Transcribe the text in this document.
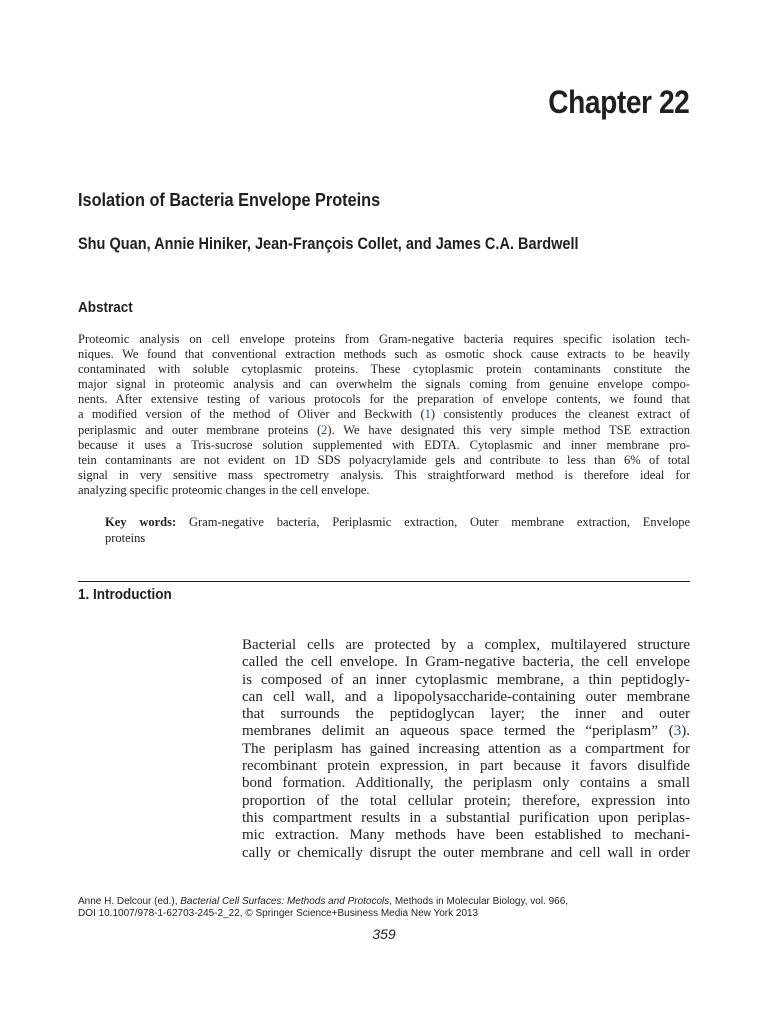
Chapter 22
Isolation of Bacteria Envelope Proteins
Shu Quan, Annie Hiniker, Jean-François Collet, and James C.A. Bardwell
Abstract
Proteomic analysis on cell envelope proteins from Gram-negative bacteria requires specific isolation tech-
niques. We found that conventional extraction methods such as osmotic shock cause extracts to be heavily
contaminated with soluble cytoplasmic proteins. These cytoplasmic protein contaminants constitute the
major signal in proteomic analysis and can overwhelm the signals coming from genuine envelope compo-
nents. After extensive testing of various protocols for the preparation of envelope contents, we found that
a modified version of the method of Oliver and Beckwith (1) consistently produces the cleanest extract of
periplasmic and outer membrane proteins (2). We have designated this very simple method TSE extraction
because it uses a Tris-sucrose solution supplemented with EDTA. Cytoplasmic and inner membrane pro-
tein contaminants are not evident on 1D SDS polyacrylamide gels and contribute to less than 6% of total
signal in very sensitive mass spectrometry analysis. This straightforward method is therefore ideal for
analyzing specific proteomic changes in the cell envelope.
Key words: Gram-negative bacteria, Periplasmic extraction, Outer membrane extraction, Envelope
proteins
1. Introduction
Bacterial cells are protected by a complex, multilayered structure
called the cell envelope. In Gram-negative bacteria, the cell envelope
is composed of an inner cytoplasmic membrane, a thin peptidogly-
can cell wall, and a lipopolysaccharide-containing outer membrane
that surrounds the peptidoglycan layer; the inner and outer
membranes delimit an aqueous space termed the “periplasm” (3).
The periplasm has gained increasing attention as a compartment for
recombinant protein expression, in part because it favors disulfide
bond formation. Additionally, the periplasm only contains a small
proportion of the total cellular protein; therefore, expression into
this compartment results in a substantial purification upon periplas-
mic extraction. Many methods have been established to mechani-
cally or chemically disrupt the outer membrane and cell wall in order
Anne H. Delcour (ed.), Bacterial Cell Surfaces: Methods and Protocols, Methods in Molecular Biology, vol. 966,
DOI 10.1007/978-1-62703-245-2_22, © Springer Science+Business Media New York 2013
359
